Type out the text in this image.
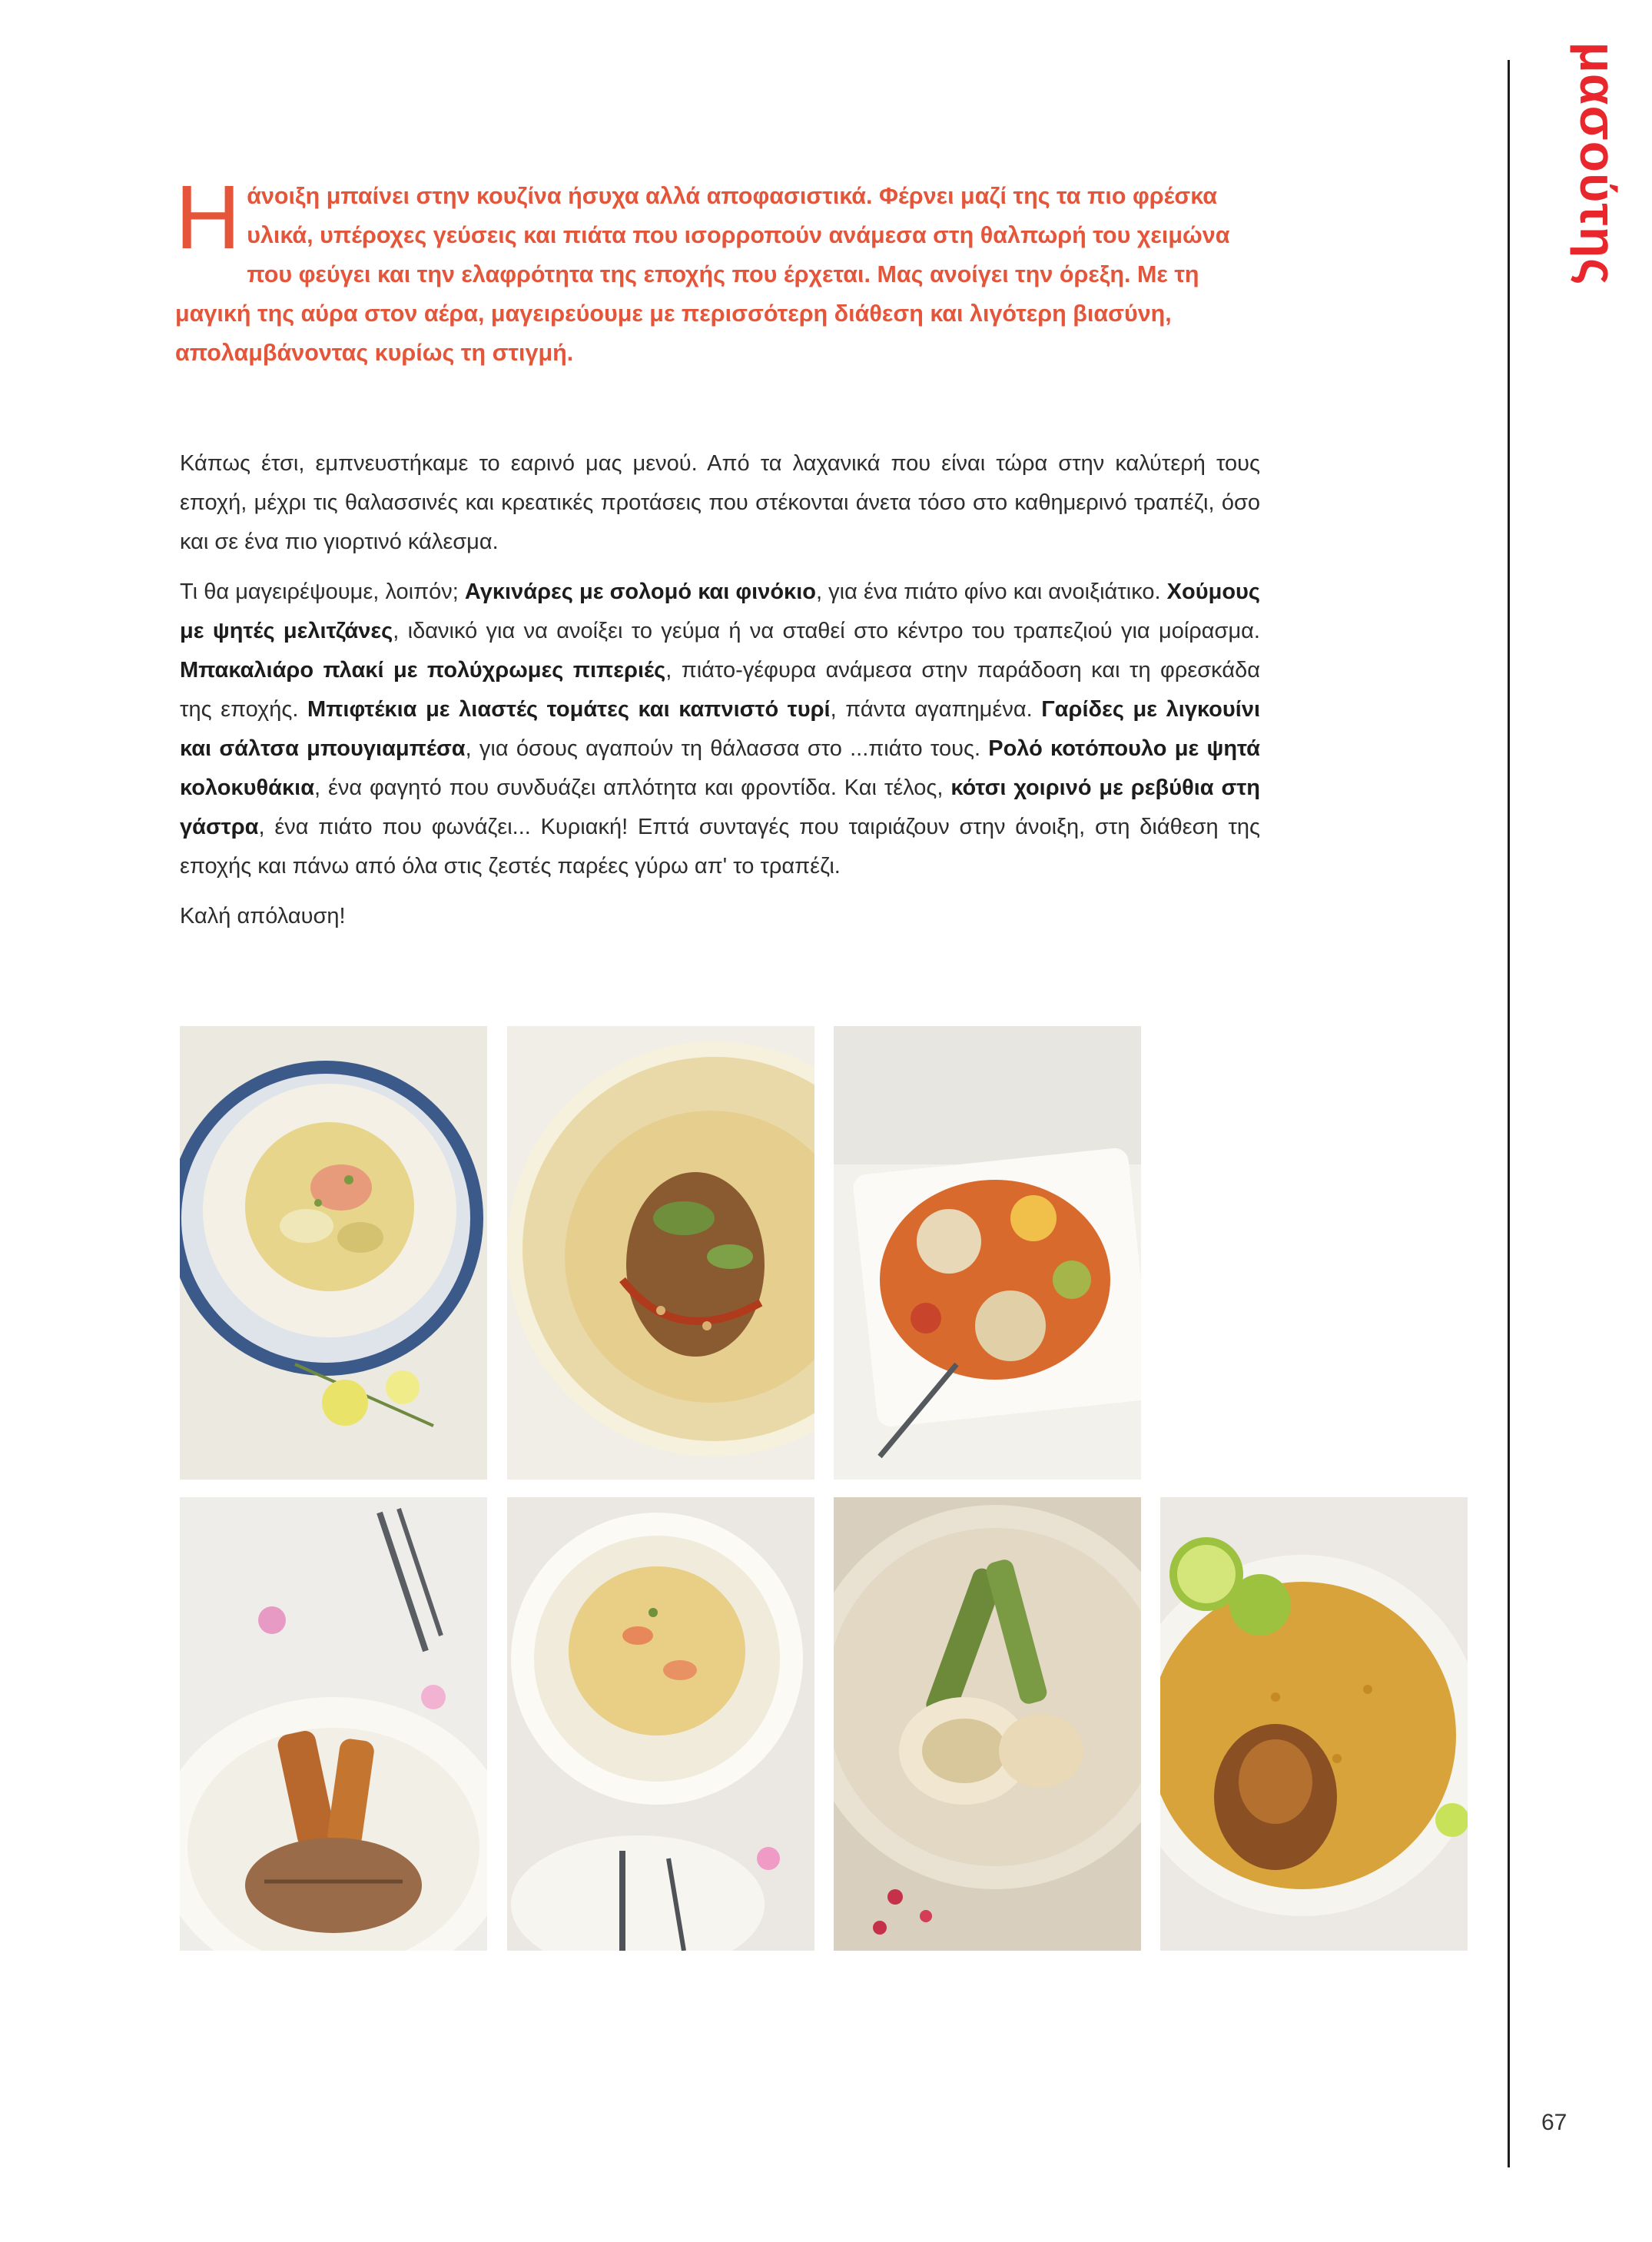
μασούτης
67
Η άνοιξη μπαίνει στην κουζίνα ήσυχα αλλά αποφασιστικά. Φέρνει μαζί της τα πιο φρέσκα υλικά, υπέροχες γεύσεις και πιάτα που ισορροπούν ανάμεσα στη θαλπωρή του χειμώνα που φεύγει και την ελαφρότητα της εποχής που έρχεται. Μας ανοίγει την όρεξη. Με τη μαγική της αύρα στον αέρα, μαγειρεύουμε με περισσότερη διάθεση και λιγότερη βιασύνη, απολαμβάνοντας κυρίως τη στιγμή.

Κάπως έτσι, εμπνευστήκαμε το εαρινό μας μενού. Από τα λαχανικά που είναι τώρα στην καλύτερή τους εποχή, μέχρι τις θαλασσινές και κρεατικές προτάσεις που στέκονται άνετα τόσο στο καθημερινό τραπέζι, όσο και σε ένα πιο γιορτινό κάλεσμα.

Τι θα μαγειρέψουμε, λοιπόν; Αγκινάρες με σολομό και φινόκιο, για ένα πιάτο φίνο και ανοιξιάτικο. Χούμους με ψητές μελιτζάνες, ιδανικό για να ανοίξει το γεύμα ή να σταθεί στο κέντρο του τραπεζιού για μοίρασμα. Μπακαλιάρο πλακί με πολύχρωμες πιπεριές, πιάτο-γέφυρα ανάμεσα στην παράδοση και τη φρεσκάδα της εποχής. Μπιφτέκια με λιαστές τομάτες και καπνιστό τυρί, πάντα αγαπημένα. Γαρίδες με λιγκουίνι και σάλτσα μπουγιαμπέσα, για όσους αγαπούν τη θάλασσα στο ...πιάτο τους. Ρολό κοτόπουλο με ψητά κολοκυθάκια, ένα φαγητό που συνδυάζει απλότητα και φροντίδα. Και τέλος, κότσι χοιρινό με ρεβύθια στη γάστρα, ένα πιάτο που φωνάζει... Κυριακή! Επτά συνταγές που ταιριάζουν στην άνοιξη, στη διάθεση της εποχής και πάνω από όλα στις ζεστές παρέες γύρω απ' το τραπέζι.

Καλή απόλαυση!
